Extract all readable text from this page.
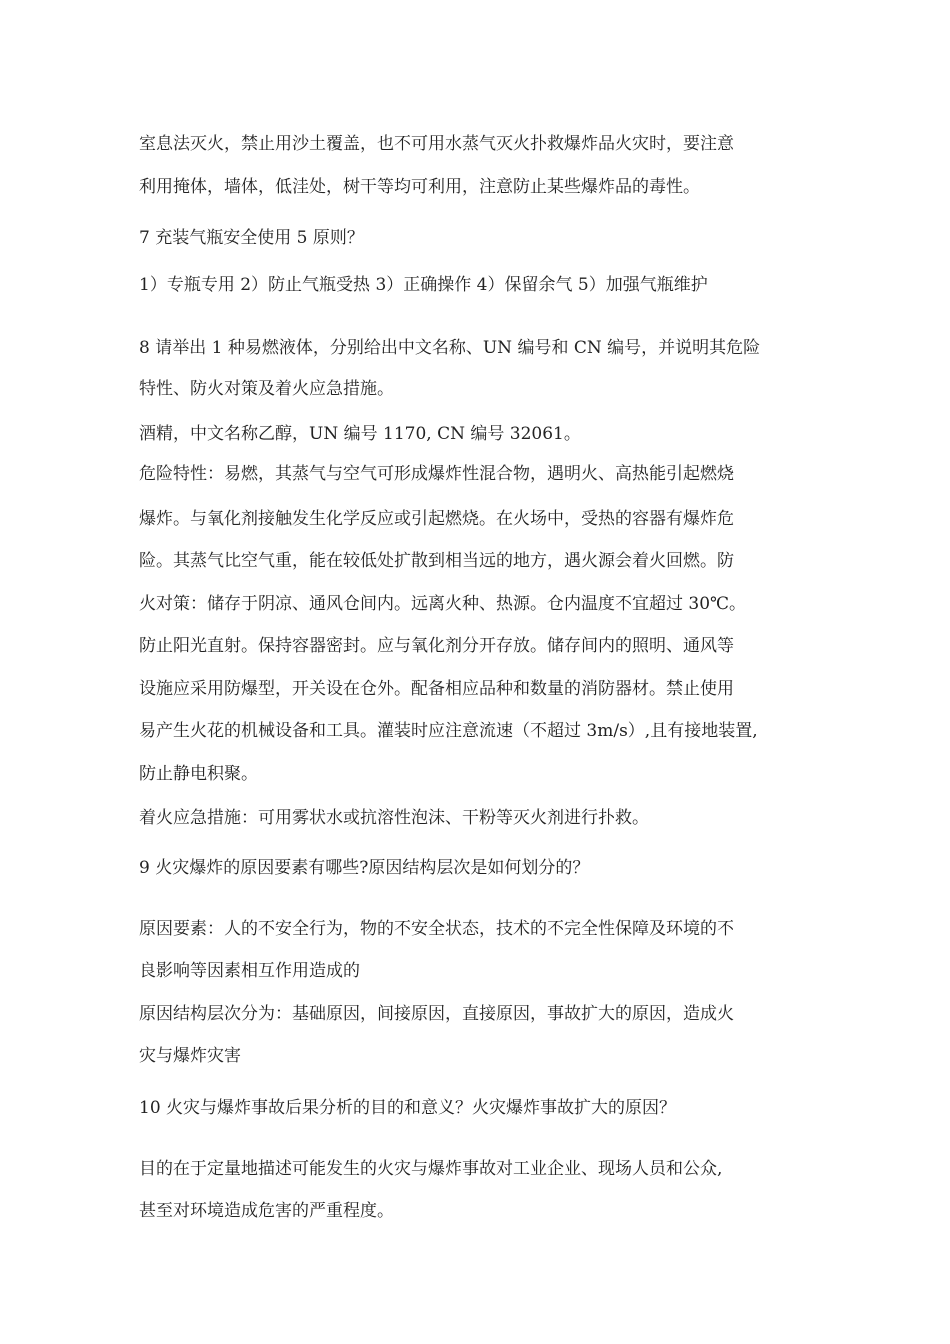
室息法灭火，禁止用沙土覆盖，也不可用水蒸气灭火扑救爆炸品火灾时，要注意

利用掩体，墙体，低洼处，树干等均可利用，注意防止某些爆炸品的毒性。

7 充装气瓶安全使用 5 原则？

1）专瓶专用 2）防止气瓶受热 3）正确操作 4）保留余气 5）加强气瓶维护

8 请举出 1 种易燃液体，分别给出中文名称、UN 编号和 CN 编号，并说明其危险

特性、防火对策及着火应急措施。

酒精，中文名称乙醇，UN 编号 1170, CN 编号 32061。

危险特性：易燃，其蒸气与空气可形成爆炸性混合物，遇明火、高热能引起燃烧

爆炸。与氧化剂接触发生化学反应或引起燃烧。在火场中，受热的容器有爆炸危

险。其蒸气比空气重，能在较低处扩散到相当远的地方，遇火源会着火回燃。防

火对策：储存于阴凉、通风仓间内。远离火种、热源。仓内温度不宜超过 30℃。

防止阳光直射。保持容器密封。应与氧化剂分开存放。储存间内的照明、通风等

设施应采用防爆型，开关设在仓外。配备相应品种和数量的消防器材。禁止使用

易产生火花的机械设备和工具。灌装时应注意流速（不超过 3m/s）,且有接地装置,

防止静电积聚。

着火应急措施：可用雾状水或抗溶性泡沫、干粉等灭火剂进行扑救。

9 火灾爆炸的原因要素有哪些?原因结构层次是如何划分的？

原因要素：人的不安全行为，物的不安全状态，技术的不完全性保障及环境的不

良影响等因素相互作用造成的

原因结构层次分为：基础原因，间接原因，直接原因，事故扩大的原因，造成火

灾与爆炸灾害

10 火灾与爆炸事故后果分析的目的和意义？火灾爆炸事故扩大的原因？

目的在于定量地描述可能发生的火灾与爆炸事故对工业企业、现场人员和公众,

甚至对环境造成危害的严重程度。
